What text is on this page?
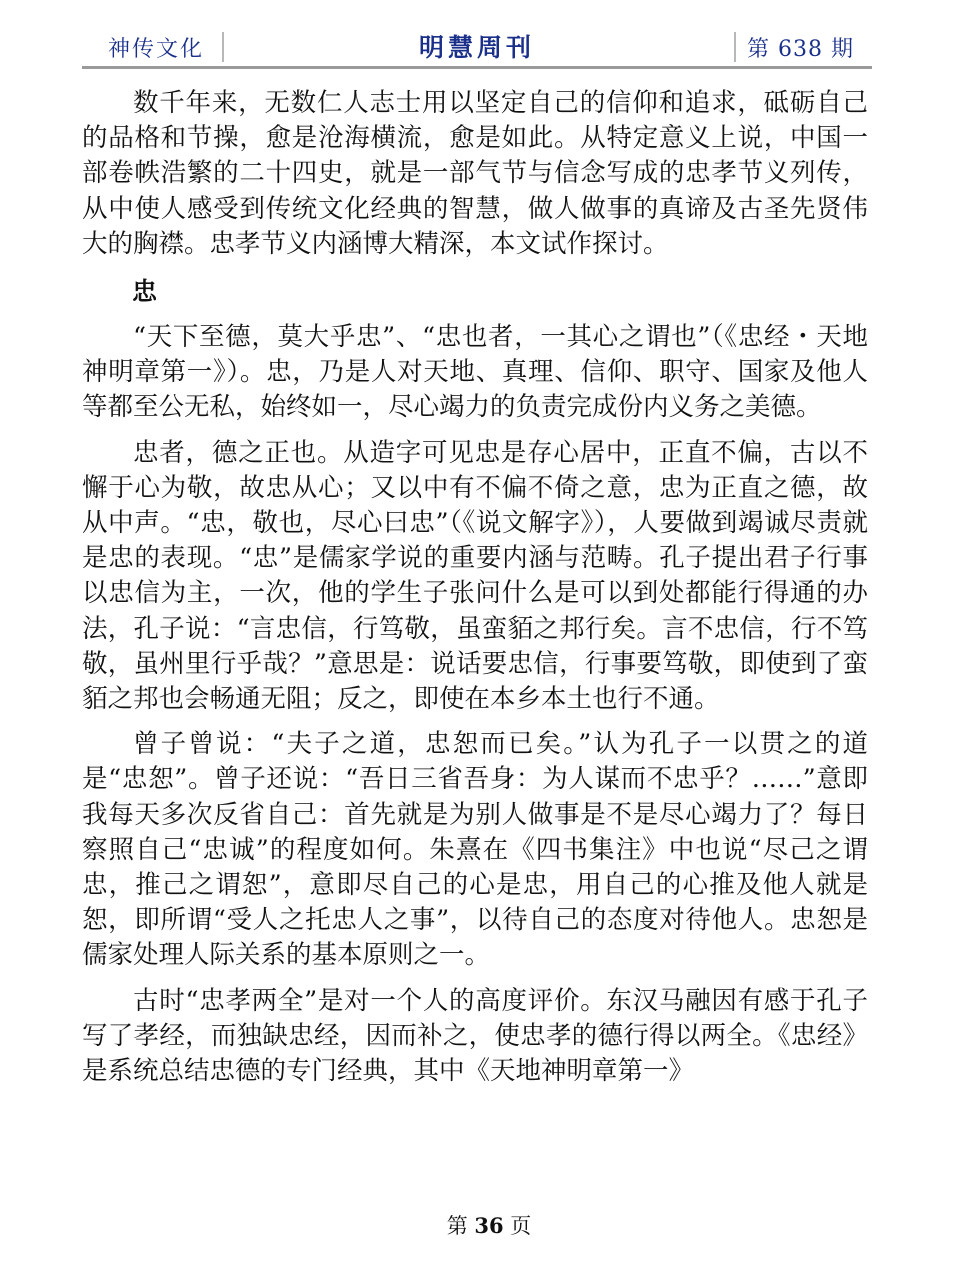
神传文化	明慧周刊	第 638 期

数千年来，无数仁人志士用以坚定自己的信仰和追求，砥砺自己的品格和节操，愈是沧海横流，愈是如此。从特定意义上说，中国一部卷帙浩繁的二十四史，就是一部气节与信念写成的忠孝节义列传，从中使人感受到传统文化经典的智慧，做人做事的真谛及古圣先贤伟大的胸襟。忠孝节义内涵博大精深，本文试作探讨。

忠

“天下至德，莫大乎忠”、“忠也者，一其心之谓也”（《忠经・天地神明章第一》）。忠，乃是人对天地、真理、信仰、职守、国家及他人等都至公无私，始终如一，尽心竭力的负责完成份内义务之美德。

忠者，德之正也。从造字可见忠是存心居中，正直不偏，古以不懈于心为敬，故忠从心；又以中有不偏不倚之意，忠为正直之德，故从中声。“忠，敬也，尽心曰忠”（《说文解字》），人要做到竭诚尽责就是忠的表现。“忠”是儒家学说的重要内涵与范畴。孔子提出君子行事以忠信为主，一次，他的学生子张问什么是可以到处都能行得通的办法，孔子说：“言忠信，行笃敬，虽蛮貊之邦行矣。言不忠信，行不笃敬，虽州里行乎哉？”意思是：说话要忠信，行事要笃敬，即使到了蛮貊之邦也会畅通无阻；反之，即使在本乡本土也行不通。

曾子曾说：“夫子之道，忠恕而已矣。”认为孔子一以贯之的道是“忠恕”。曾子还说：“吾日三省吾身：为人谋而不忠乎？……”意即我每天多次反省自己：首先就是为别人做事是不是尽心竭力了？每日察照自己“忠诚”的程度如何。朱熹在《四书集注》中也说“尽己之谓忠，推己之谓恕”，意即尽自己的心是忠，用自己的心推及他人就是恕，即所谓“受人之托忠人之事”，以待自己的态度对待他人。忠恕是儒家处理人际关系的基本原则之一。

古时“忠孝两全”是对一个人的高度评价。东汉马融因有感于孔子写了孝经，而独缺忠经，因而补之，使忠孝的德行得以两全。《忠经》是系统总结忠德的专门经典，其中《天地神明章第一》

第 36 页
